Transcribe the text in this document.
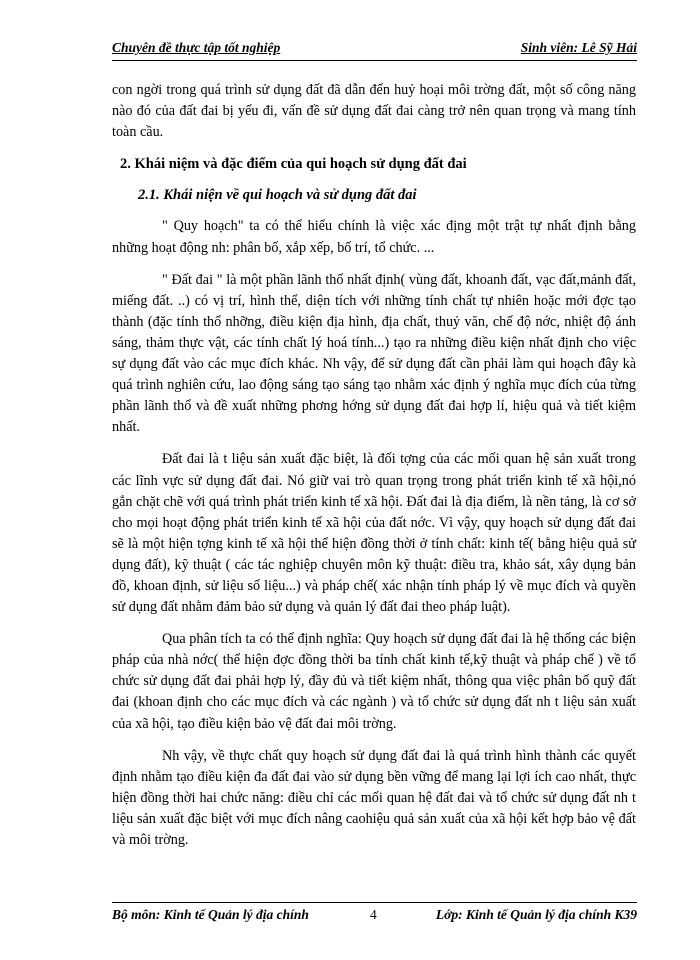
Chuyên đề thực tập tốt nghiệp	Sinh viên: Lê Sỹ Hải

con ngời trong quá trình sử dụng đất đã dẫn đến huỷ hoại môi trờng đất, một số công năng nào đó của đất đai bị yếu đi, vấn đề sử dụng đất đai càng trở nên quan trọng và mang tính toàn cầu.

2. Khái niệm và đặc điểm của qui hoạch sử dụng đất đai
2.1. Khái niện về qui hoạch và sử dụng đất đai

" Quy hoạch" ta có thể hiểu chính là việc xác địng một trật tự nhất định bằng những hoạt động nh: phân bố, xắp xếp, bố trí, tổ chức. ...

" Đất đai " là một phần lãnh thổ nhất định( vùng đất, khoanh đất, vạc đất,mảnh đất, miếng đất. ..) có vị trí, hình thể, diện tích với những tính chất tự nhiên hoặc mới đợc tạo thành (đặc tính thổ nhỡng, điều kiện địa hình, địa chất, thuỷ văn, chế độ nớc, nhiệt độ ánh sáng, thảm thực vật, các tính chất lý hoá tính...) tạo ra những điều kiện nhất định cho việc sự dụng đất vào các mục đích khác. Nh vậy, để sử dụng đất cần phải làm qui hoạch đây kà quá trình nghiên cứu, lao động sáng tạo sáng tạo nhằm xác định ý nghĩa mục đích của từng phần lãnh thổ và đề xuất những phơng hớng sử dụng đất đai hợp lí, hiệu quả và tiết kiệm nhất.

Đất đai là t liệu sản xuất đặc biệt, là đối tợng của các mối quan hệ sản xuất trong các lĩnh vực sử dụng đất đai. Nó giữ vai trò quan trọng trong phát triển kinh tế xã hội,nó gắn chặt chẽ với quá trình phát triển kinh tế xã hội. Đất đai là địa điểm, là nền tảng, là cơ sở cho mọi hoạt động phát triển kinh tế xã hội của đất nớc. Vì vậy, quy hoạch sử dụng đất đai sẽ là một hiện tợng kinh tế xã hội thể hiện đồng thời ở tính chất: kinh tế( bằng hiệu quả sử dụng đất), kỹ thuật ( các tác nghiệp chuyên môn kỹ thuật: điều tra, khảo sát, xây dụng bản đồ, khoan định, sử liệu số liệu...) và pháp chế( xác nhận tính pháp lý về mục đích và quyền sử dụng đất nhằm đảm bảo sử dụng và quản lý đất đai theo pháp luật).

Qua phân tích ta có thể định nghĩa: Quy hoạch sử dụng đất đai là hệ thống các biện pháp của nhà nớc( thể hiện đợc đồng thời ba tính chất kinh tế,kỹ thuật và pháp chế ) về tổ chức sử dụng đất đai phải hợp lý, đầy đủ và tiết kiệm nhất, thông qua việc phân bố quỹ đất đai (khoan định cho các mục đích và các ngành ) và tổ chức sử dụng đất nh t liệu sản xuất của xã hội, tạo điều kiện bảo vệ đất đai môi trờng.

Nh vậy, về thực chất quy hoạch sử dụng đất đai là quá trình hình thành các quyết định nhằm tạo điều kiện đa đất đai vào sử dụng bền vững để mang lại lợi ích cao nhất, thực hiện đồng thời hai chức năng: điều chỉ các mối quan hệ đất đai và tổ chức sử dụng đất nh t liệu sản xuất đặc biệt với mục đích nâng caohiệu quả sản xuất của xã hội kết hợp bảo vệ đất và môi trờng.

Bộ môn: Kinh tế Quản lý địa chính	4	Lớp: Kinh tế Quản lý địa chính K39
